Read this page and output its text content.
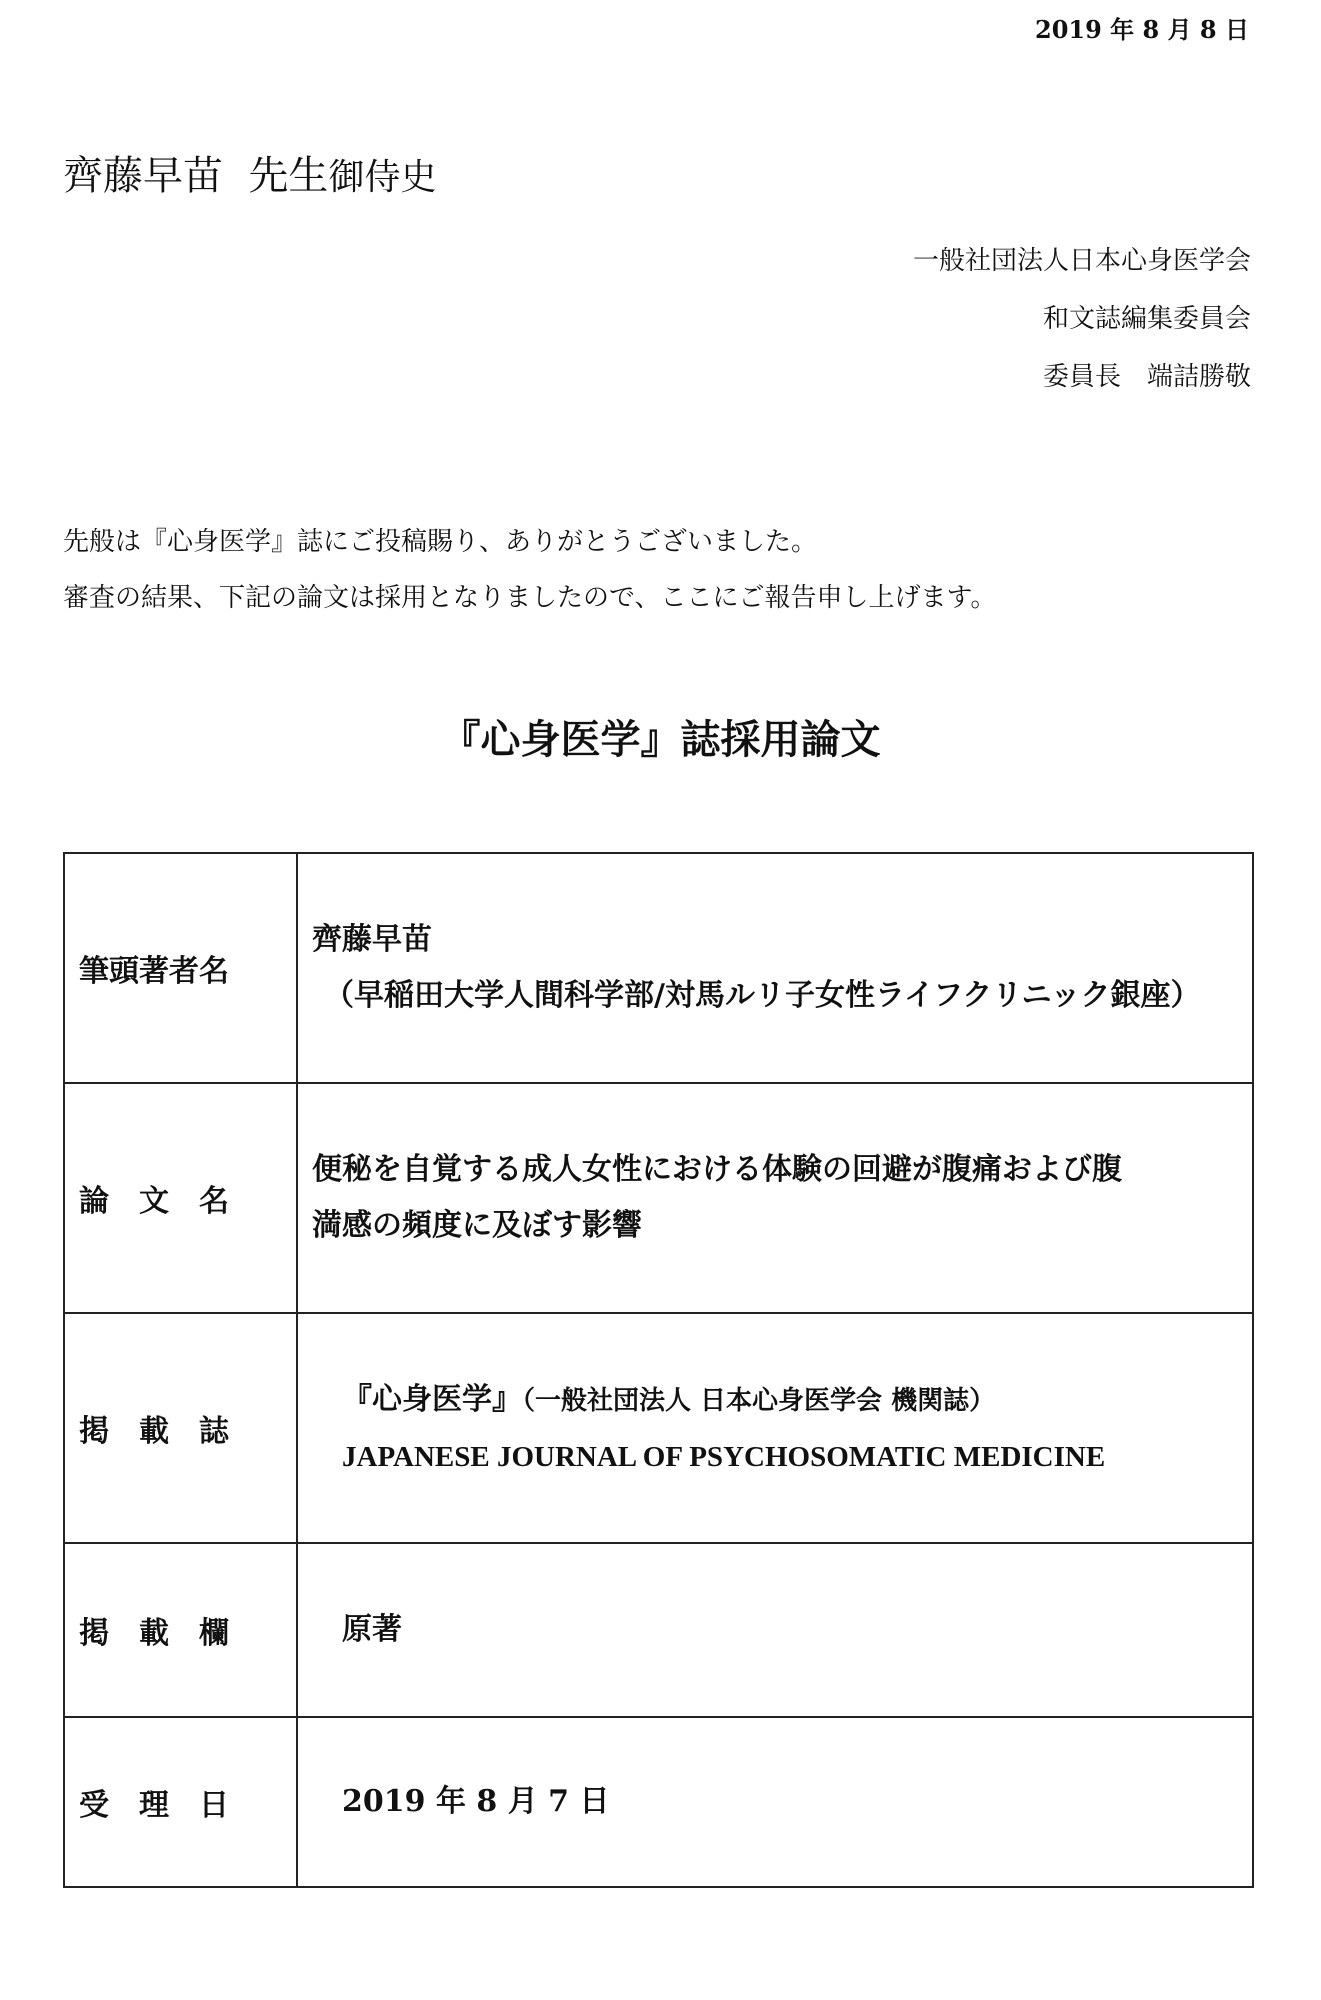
2019 年 8 月 8 日
齊藤早苗 先生御侍史
一般社団法人日本心身医学会
和文誌編集委員会
委員長　端詰勝敬
先般は『心身医学』誌にご投稿賜り、ありがとうございました。
審査の結果、下記の論文は採用となりましたので、ここにご報告申し上げます。
『心身医学』誌採用論文
筆頭著者名	齊藤早苗
（早稲田大学人間科学部/対馬ルリ子女性ライフクリニック銀座）

論　文　名	便秘を自覚する成人女性における体験の回避が腹痛および腹
満感の頻度に及ぼす影響

掲　載　誌	『心身医学』（一般社団法人 日本心身医学会 機関誌）
JAPANESE JOURNAL OF PSYCHOSOMATIC MEDICINE

掲　載　欄	原著

受　理　日	2019 年 8 月 7 日
